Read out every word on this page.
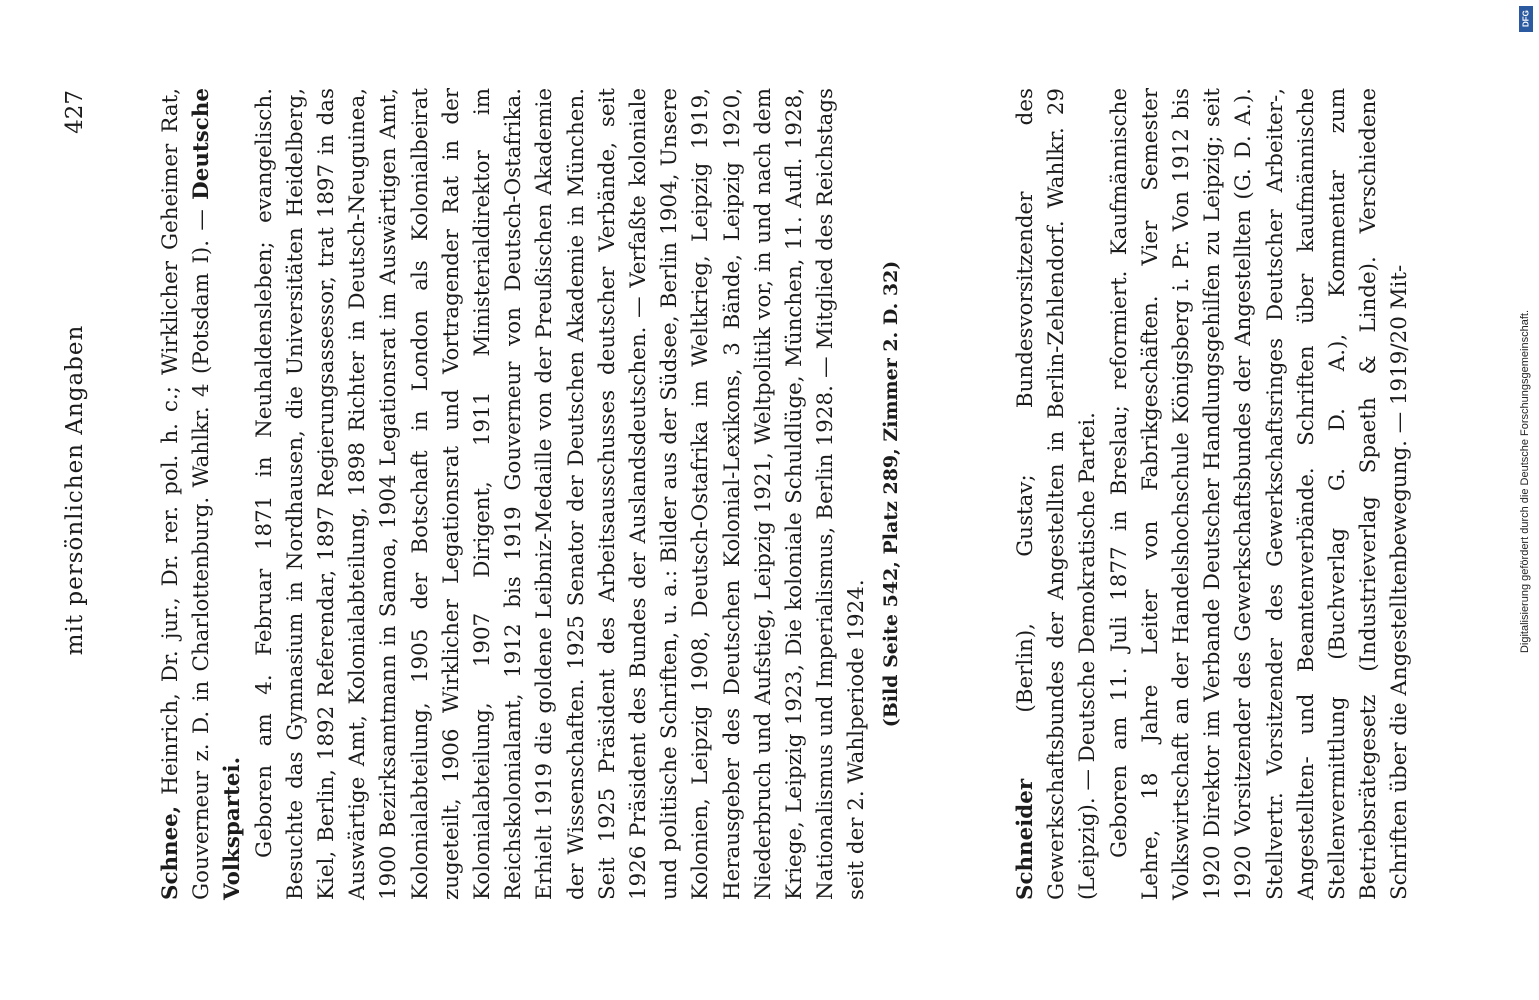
mit persönlichen Angaben
427

Schnee, Heinrich, Dr. jur., Dr. rer. pol. h. c.; Wirklicher Geheimer Rat, Gouverneur z. D. in Charlottenburg. Wahlkr. 4 (Potsdam I). — Deutsche Volkspartei. Geboren am 4. Februar 1871 in Neuhaldensleben; evangelisch. Besuchte das Gymnasium in Nordhausen, die Universitäten Heidelberg, Kiel, Berlin, 1892 Referendar, 1897 Regierungsassessor, trat 1897 in das Auswärtige Amt, Kolonialabteilung, 1898 Richter in Deutsch-Neuguinea, 1900 Bezirksamtmann in Samoa, 1904 Legationsrat im Auswärtigen Amt, Kolonialabteilung, 1905 der Botschaft in London als Kolonialbeirat zugeteilt, 1906 Wirklicher Legationsrat und Vortragender Rat in der Kolonialabteilung, 1907 Dirigent, 1911 Ministerialdirektor im Reichskolonialamt, 1912 bis 1919 Gouverneur von Deutsch-Ostafrika. Erhielt 1919 die goldene Leibniz-Medaille von der Preußischen Akademie der Wissenschaften. 1925 Senator der Deutschen Akademie in München. Seit 1925 Präsident des Arbeitsausschusses deutscher Verbände, seit 1926 Präsident des Bundes der Auslandsdeutschen. — Verfaßte koloniale und politische Schriften, u. a.: Bilder aus der Südsee, Berlin 1904, Unsere Kolonien, Leipzig 1908, Deutsch-Ostafrika im Weltkrieg, Leipzig 1919, Herausgeber des Deutschen Kolonial-Lexikons, 3 Bände, Leipzig 1920, Niederbruch und Aufstieg, Leipzig 1921, Weltpolitik vor, in und nach dem Kriege, Leipzig 1923, Die koloniale Schuldlüge, München, 11. Aufl. 1928, Nationalismus und Imperialismus, Berlin 1928. — Mitglied des Reichstags seit der 2. Wahlperiode 1924.

(Bild Seite 542, Platz 289, Zimmer 2. D. 32)

Schneider (Berlin), Gustav; Bundesvorsitzender des Gewerkschaftsbundes der Angestellten in Berlin-Zehlendorf. Wahlkr. 29 (Leipzig). — Deutsche Demokratische Partei. Geboren am 11. Juli 1877 in Breslau; reformiert. Kaufmännische Lehre, 18 Jahre Leiter von Fabrikgeschäften. Vier Semester Volkswirtschaft an der Handelshochschule Königsberg i. Pr. Von 1912 bis 1920 Direktor im Verbande Deutscher Handlungsgehilfen zu Leipzig; seit 1920 Vorsitzender des Gewerkschaftsbundes der Angestellten (G. D. A.). Stellvertr. Vorsitzender des Gewerkschaftsringes Deutscher Arbeiter-, Angestellten- und Beamtenverbände. Schriften über kaufmännische Stellenvermittlung (Buchverlag G. D. A.), Kommentar zum Betriebsrätegesetz (Industrieverlag Spaeth & Linde). Verschiedene Schriften über die Angestelltenbewegung. — 1919/20 Mit-

DFG
Digitalisierung gefördert durch die Deutsche Forschungsgemeinschaft.
